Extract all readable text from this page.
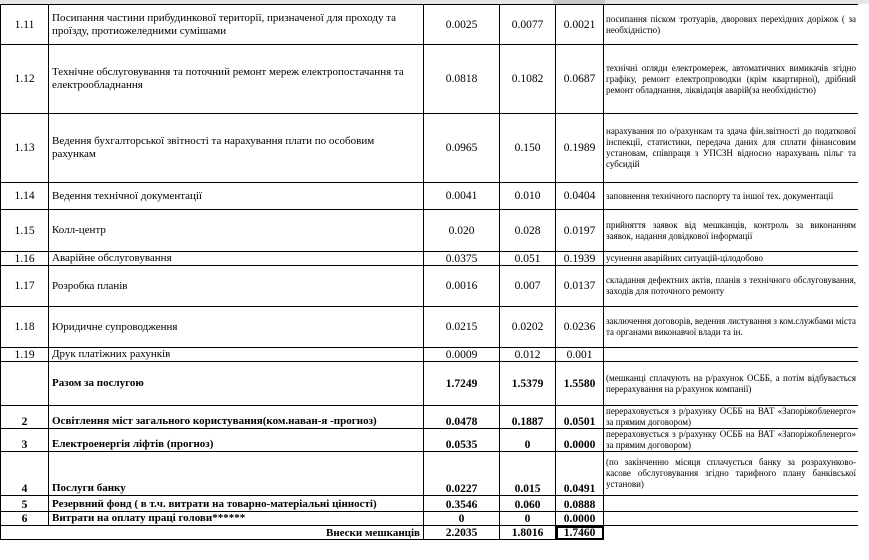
1.11	Посипання частини прибудинкової території, призначеної для проходу та проїзду, протиожеледними сумішами	0.0025	0.0077	0.0021	посипання піском тротуарів, дворових перехідних доріжок ( за необхідністю)
1.12	Технічне обслуговування та поточний ремонт мереж електропостачання та електрообладнання	0.0818	0.1082	0.0687	технічні огляди електромереж, автоматичних вимикачів згідно графіку, ремонт електропроводки (крім квартирної), дрібний ремонт обладнання, ліквідація аварій(за необхідністю)
1.13	Ведення бухгалторської звітності та нарахування плати по особовим рахункам	0.0965	0.150	0.1989	нарахування по о/рахункам та здача фін.звітності до податкової інспекції, статистики, передача даних для сплати фінансовим установам, співпраця з УПСЗН відносно нарахувань пільг та субсидій
1.14	Ведення технічної документації	0.0041	0.010	0.0404	заповнення технічного паспорту та іншої тех. документації
1.15	Колл-центр	0.020	0.028	0.0197	прийняття заявок від мешканців, контроль за виконанням заявок, надання довідкової інформації
1.16	Аварійне обслуговування	0.0375	0.051	0.1939	усунення аварійних ситуацій-цілодобово
1.17	Розробка планів	0.0016	0.007	0.0137	складання дефектних актів, планів з технічного обслуговування, заходів для поточного ремонту
1.18	Юридичне супроводження	0.0215	0.0202	0.0236	заключення договорів, ведення листування з ком.службами міста та органами виконавчої влади та ін.
1.19	Друк платіжних рахунків	0.0009	0.012	0.001	
	Разом за послугою	1.7249	1.5379	1.5580	(мешканці сплачують на р/рахунок ОСББ, а потім відбувається перерахування на р/рахунок компанії)
2	Освітлення міст загального користування(ком.наван-я -прогноз)	0.0478	0.1887	0.0501	перераховується з р/рахунку ОСББ на ВАТ «Запоріжобленерго» за прямим договором)
3	Електроенергія ліфтів (прогноз)	0.0535	0	0.0000	перераховується з р/рахунку ОСББ на ВАТ «Запоріжобленерго» за прямим договором)
4	Послуги банку	0.0227	0.015	0.0491	(по закінченню місяця сплачується банку за розрахунково-касове обслуговування згідно тарифного плану банківської установи)
5	Резервний фонд ( в т.ч. витрати на товарно-матеріальні цінності)	0.3546	0.060	0.0888	
6	Витрати на оплату праці голови******	0	0	0.0000	
Внески мешканців		2.2035	1.8016	1.7460	
